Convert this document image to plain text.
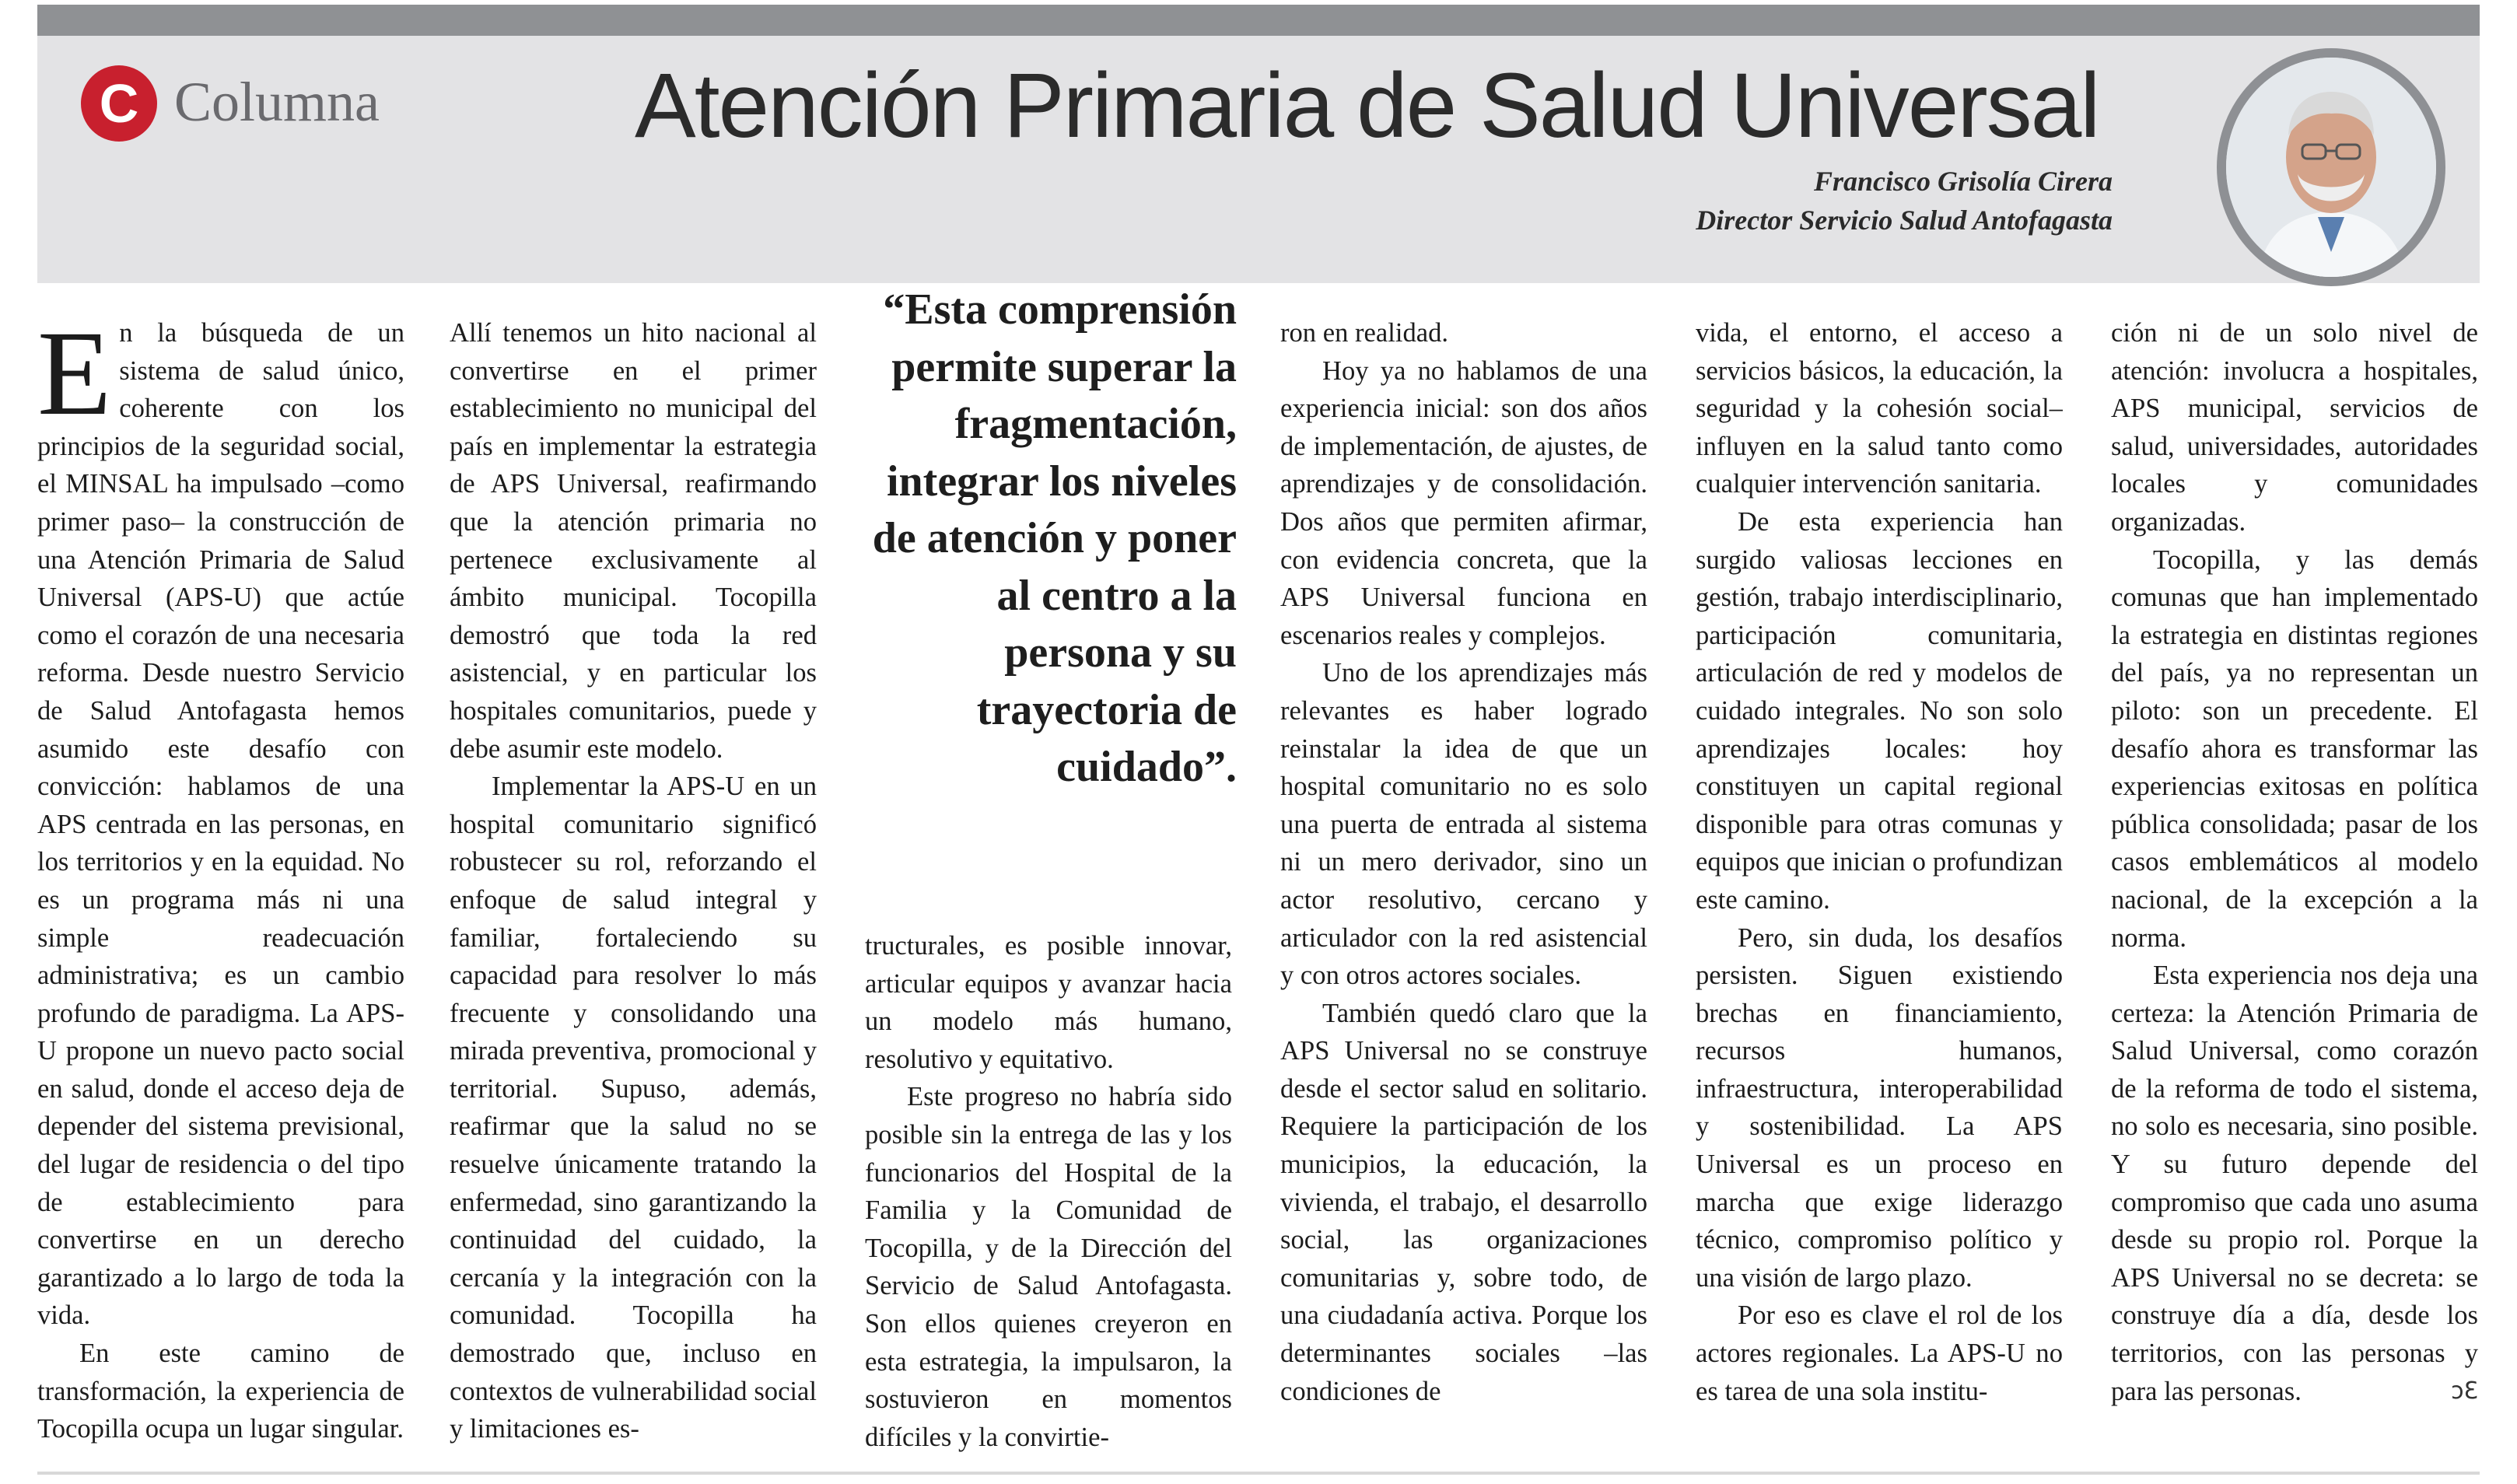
C Columna	Atención Primaria de Salud Universal
Francisco Grisolía Cirera
Director Servicio Salud Antofagasta

En la búsqueda de un sistema de salud único, coherente con los principios de la seguridad social, el MINSAL ha impulsado –como primer paso– la construcción de una Atención Primaria de Salud Universal (APS-U) que actúe como el corazón de una necesaria reforma. Desde nuestro Servicio de Salud Antofagasta hemos asumido este desafío con convicción: hablamos de una APS centrada en las personas, en los territorios y en la equidad. No es un programa más ni una simple readecuación administrativa; es un cambio profundo de paradigma. La APS-U propone un nuevo pacto social en salud, donde el acceso deja de depender del sistema previsional, del lugar de residencia o del tipo de establecimiento para convertirse en un derecho garantizado a lo largo de toda la vida.

En este camino de transformación, la experiencia de Tocopilla ocupa un lugar singular.

Allí tenemos un hito nacional al convertirse en el primer establecimiento no municipal del país en implementar la estrategia de APS Universal, reafirmando que la atención primaria no pertenece exclusivamente al ámbito municipal. Tocopilla demostró que toda la red asistencial, y en particular los hospitales comunitarios, puede y debe asumir este modelo.

Implementar la APS-U en un hospital comunitario significó robustecer su rol, reforzando el enfoque de salud integral y familiar, fortaleciendo su capacidad para resolver lo más frecuente y consolidando una mirada preventiva, promocional y territorial. Supuso, además, reafirmar que la salud no se resuelve únicamente tratando la enfermedad, sino garantizando la continuidad del cuidado, la cercanía y la integración con la comunidad. Tocopilla ha demostrado que, incluso en contextos de vulnerabilidad social y limitaciones es-

“Esta comprensión permite superar la fragmentación, integrar los niveles de atención y poner al centro a la persona y su trayectoria de cuidado”.

tructurales, es posible innovar, articular equipos y avanzar hacia un modelo más humano, resolutivo y equitativo.

Este progreso no habría sido posible sin la entrega de las y los funcionarios del Hospital de la Familia y la Comunidad de Tocopilla, y de la Dirección del Servicio de Salud Antofagasta. Son ellos quienes creyeron en esta estrategia, la impulsaron, la sostuvieron en momentos difíciles y la convirtie-

ron en realidad.

Hoy ya no hablamos de una experiencia inicial: son dos años de implementación, de ajustes, de aprendizajes y de consolidación. Dos años que permiten afirmar, con evidencia concreta, que la APS Universal funciona en escenarios reales y complejos.

Uno de los aprendizajes más relevantes es haber logrado reinstalar la idea de que un hospital comunitario no es solo una puerta de entrada al sistema ni un mero derivador, sino un actor resolutivo, cercano y articulador con la red asistencial y con otros actores sociales.

También quedó claro que la APS Universal no se construye desde el sector salud en solitario. Requiere la participación de los municipios, la educación, la vivienda, el trabajo, el desarrollo social, las organizaciones comunitarias y, sobre todo, de una ciudadanía activa. Porque los determinantes sociales –las condiciones de

vida, el entorno, el acceso a servicios básicos, la educación, la seguridad y la cohesión social– influyen en la salud tanto como cualquier intervención sanitaria.

De esta experiencia han surgido valiosas lecciones en gestión, trabajo interdisciplinario, participación comunitaria, articulación de red y modelos de cuidado integrales. No son solo aprendizajes locales: hoy constituyen un capital regional disponible para otras comunas y equipos que inician o profundizan este camino.

Pero, sin duda, los desafíos persisten. Siguen existiendo brechas en financiamiento, recursos humanos, infraestructura, interoperabilidad y sostenibilidad. La APS Universal es un proceso en marcha que exige liderazgo técnico, compromiso político y una visión de largo plazo.

Por eso es clave el rol de los actores regionales. La APS-U no es tarea de una sola institu-

ción ni de un solo nivel de atención: involucra a hospitales, APS municipal, servicios de salud, universidades, autoridades locales y comunidades organizadas.

Tocopilla, y las demás comunas que han implementado la estrategia en distintas regiones del país, ya no representan un piloto: son un precedente. El desafío ahora es transformar las experiencias exitosas en política pública consolidada; pasar de los casos emblemáticos al modelo nacional, de la excepción a la norma.

Esta experiencia nos deja una certeza: la Atención Primaria de Salud Universal, como corazón de la reforma de todo el sistema, no solo es necesaria, sino posible. Y su futuro depende del compromiso que cada uno asuma desde su propio rol. Porque la APS Universal no se decreta: se construye día a día, desde los territorios, con las personas y para las personas.	ↄƐ
